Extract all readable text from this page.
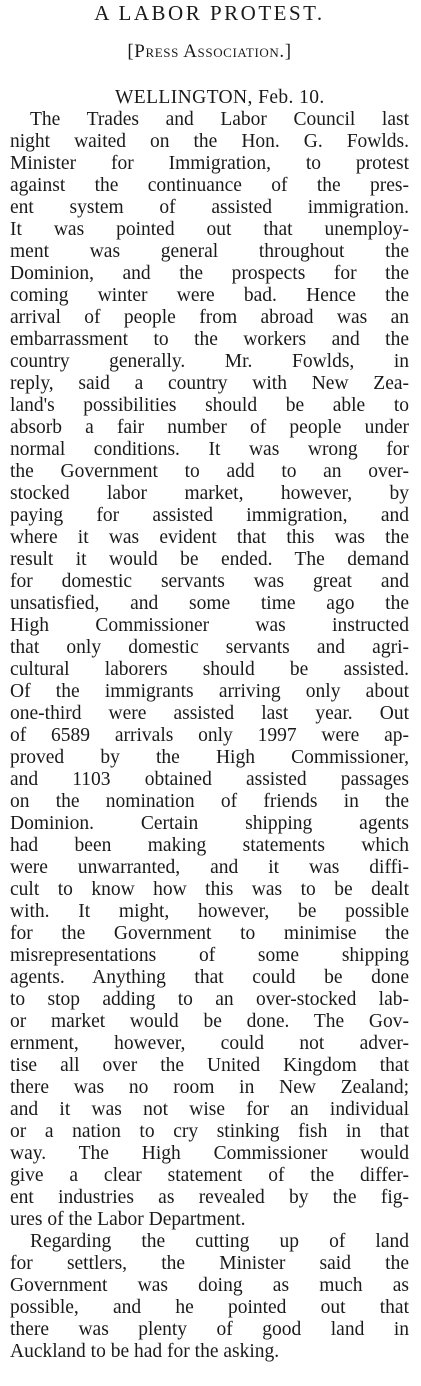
A LABOR PROTEST.
[Press Association.]
WELLINGTON, Feb. 10.
The Trades and Labor Council last
night waited on the Hon. G. Fowlds.
Minister for Immigration, to protest
against the continuance of the pres-
ent system of assisted immigration.
It was pointed out that unemploy-
ment was general throughout the
Dominion, and the prospects for the
coming winter were bad. Hence the
arrival of people from abroad was an
embarrassment to the workers and the
country generally. Mr. Fowlds, in
reply, said a country with New Zea-
land's possibilities should be able to
absorb a fair number of people under
normal conditions. It was wrong for
the Government to add to an over-
stocked labor market, however, by
paying for assisted immigration, and
where it was evident that this was the
result it would be ended. The demand
for domestic servants was great and
unsatisfied, and some time ago the
High Commissioner was instructed
that only domestic servants and agri-
cultural laborers should be assisted.
Of the immigrants arriving only about
one-third were assisted last year. Out
of 6589 arrivals only 1997 were ap-
proved by the High Commissioner,
and 1103 obtained assisted passages
on the nomination of friends in the
Dominion. Certain shipping agents
had been making statements which
were unwarranted, and it was diffi-
cult to know how this was to be dealt
with. It might, however, be possible
for the Government to minimise the
misrepresentations of some shipping
agents. Anything that could be done
to stop adding to an over-stocked lab-
or market would be done. The Gov-
ernment, however, could not adver-
tise all over the United Kingdom that
there was no room in New Zealand;
and it was not wise for an individual
or a nation to cry stinking fish in that
way. The High Commissioner would
give a clear statement of the differ-
ent industries as revealed by the fig-
ures of the Labor Department.
Regarding the cutting up of land
for settlers, the Minister said the
Government was doing as much as
possible, and he pointed out that
there was plenty of good land in
Auckland to be had for the asking.
